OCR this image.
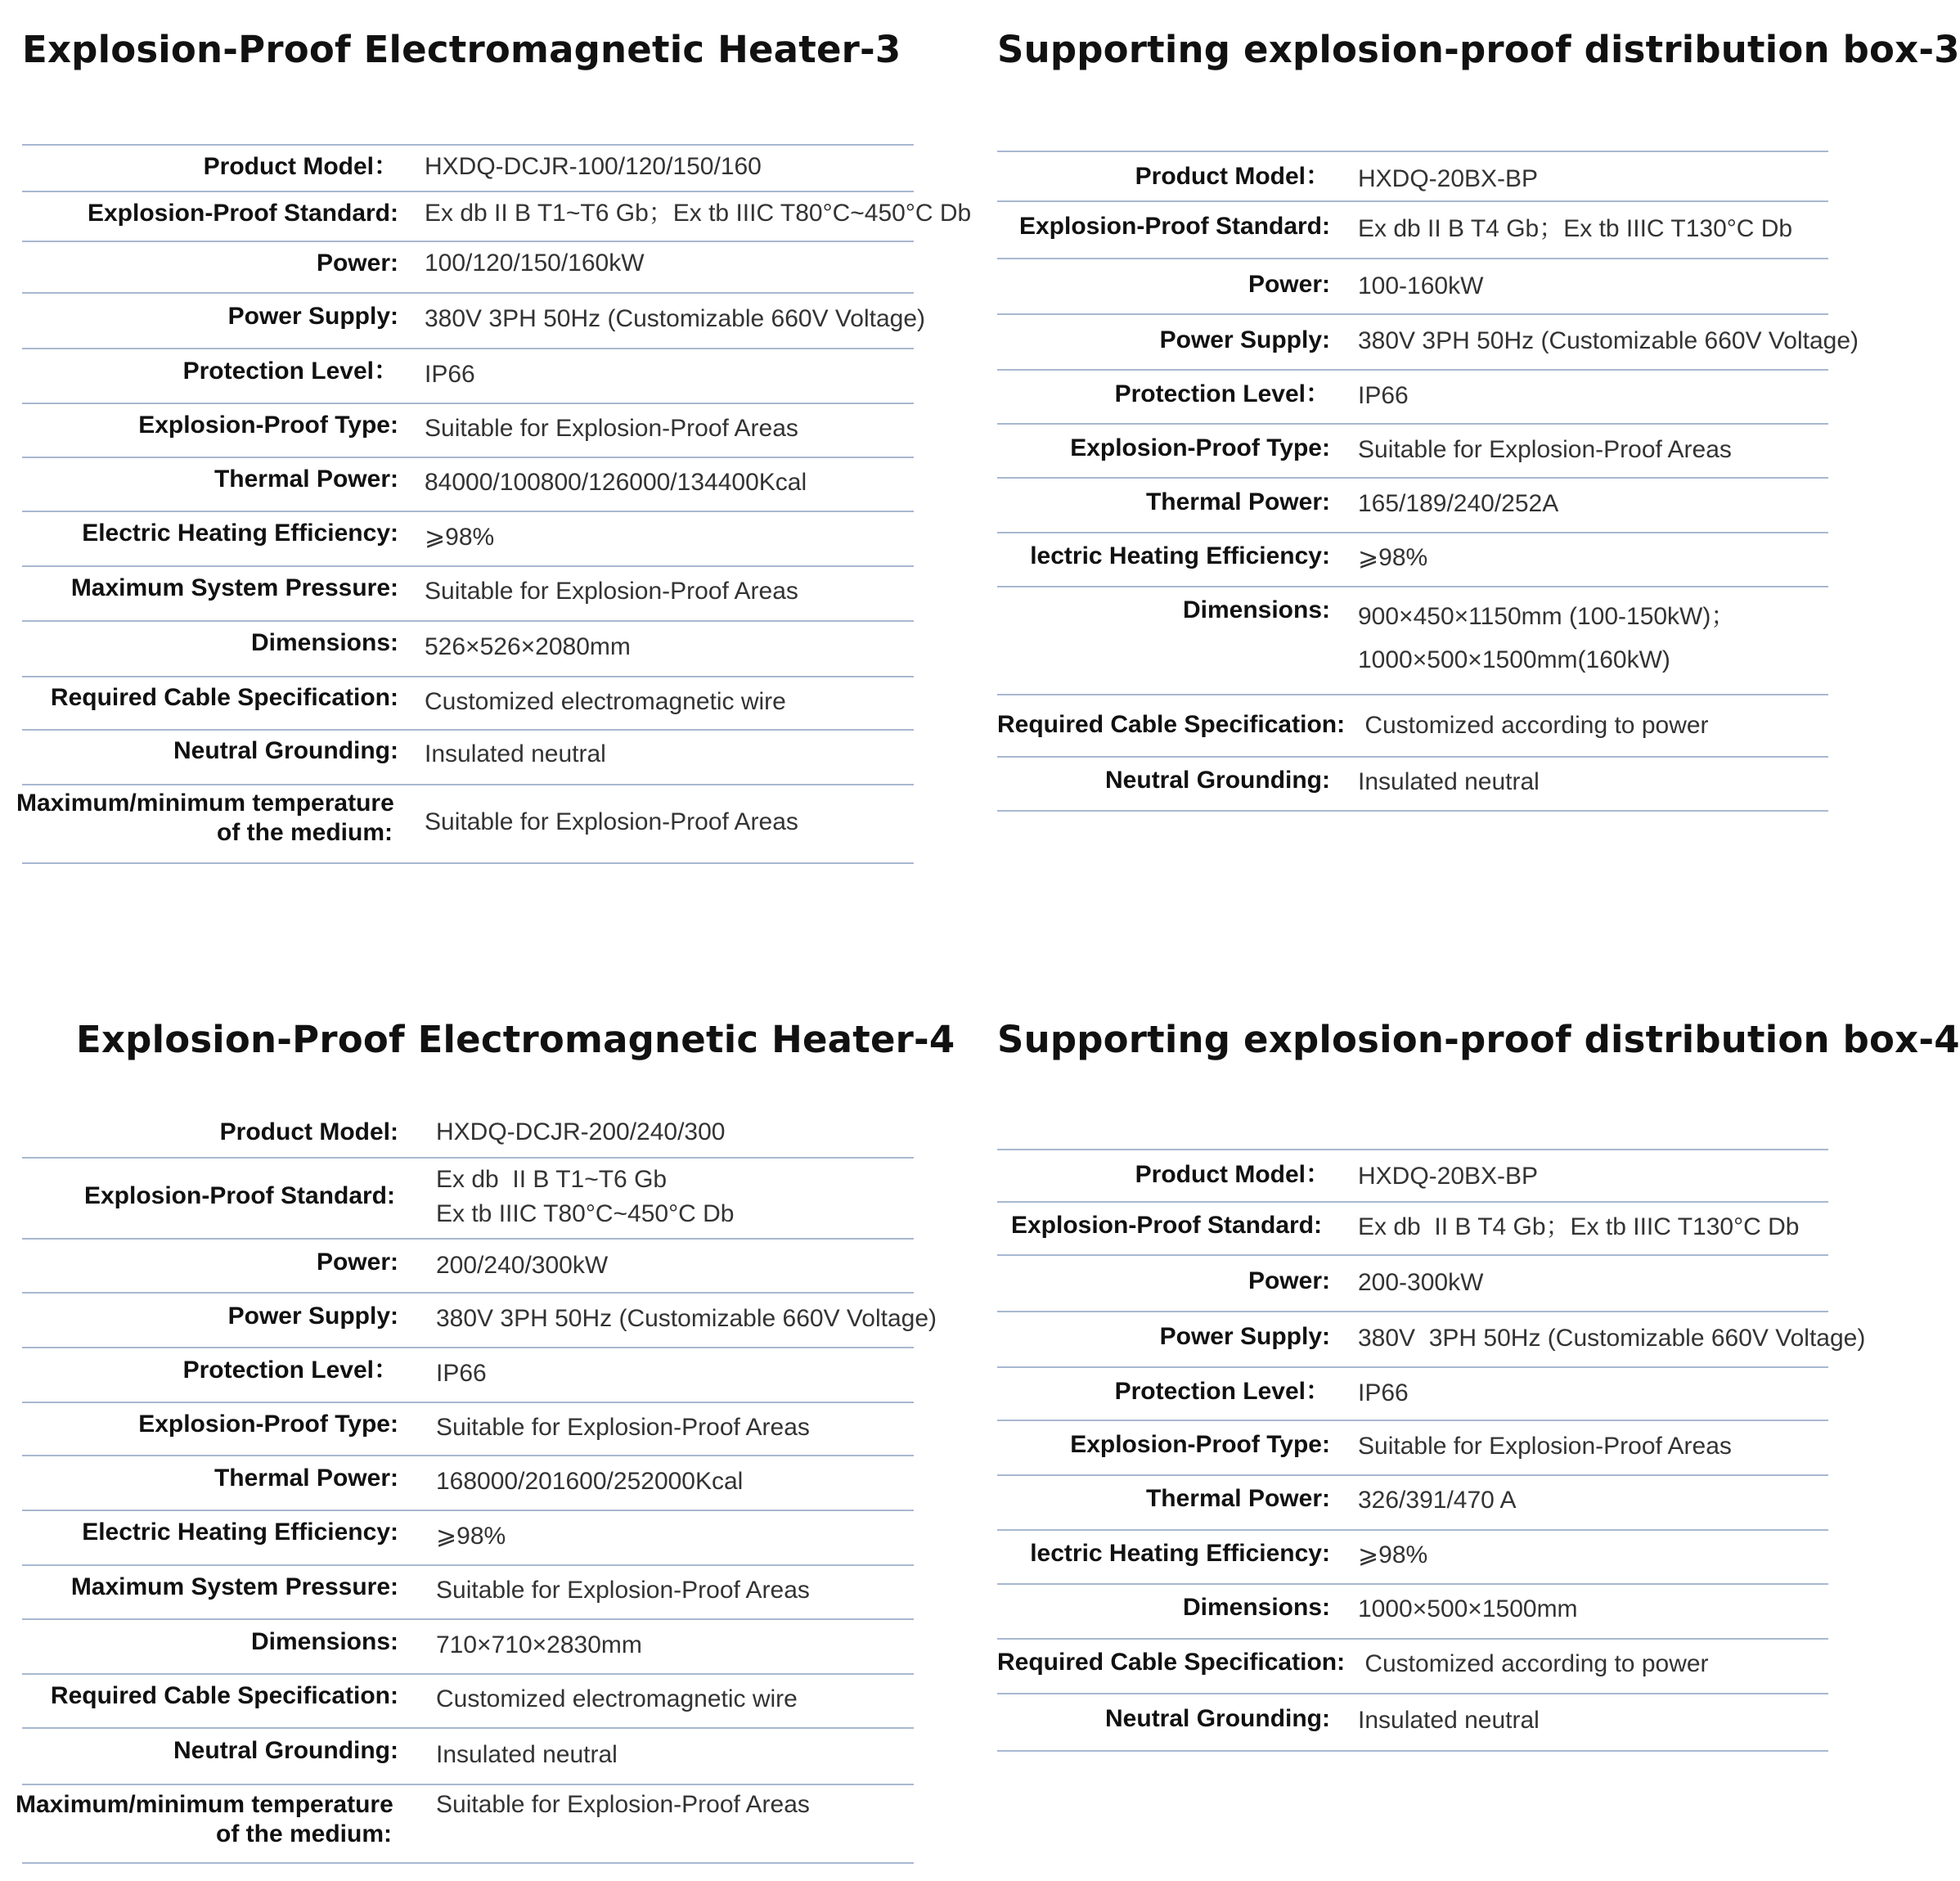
Explosion-Proof Electromagnetic Heater-3
Product Model： HXDQ-DCJR-100/120/150/160
Explosion-Proof Standard: Ex db II B T1~T6 Gb；Ex tb IIIC T80°C~450°C Db
Power: 100/120/150/160kW
Power Supply: 380V 3PH 50Hz (Customizable 660V Voltage)
Protection Level： IP66
Explosion-Proof Type: Suitable for Explosion-Proof Areas
Thermal Power: 84000/100800/126000/134400Kcal
Electric Heating Efficiency: ⩾98%
Maximum System Pressure: Suitable for Explosion-Proof Areas
Dimensions: 526×526×2080mm
Required Cable Specification: Customized electromagnetic wire
Neutral Grounding: Insulated neutral
Maximum/minimum temperature
of the medium: Suitable for Explosion-Proof Areas
Supporting explosion-proof distribution box-3
Product Model： HXDQ-20BX-BP
Explosion-Proof Standard: Ex db II B T4 Gb；Ex tb IIIC T130°C Db
Power: 100-160kW
Power Supply: 380V 3PH 50Hz (Customizable 660V Voltage)
Protection Level： IP66
Explosion-Proof Type: Suitable for Explosion-Proof Areas
Thermal Power: 165/189/240/252A
lectric Heating Efficiency: ⩾98%
Dimensions: 900×450×1150mm (100-150kW)；
1000×500×1500mm(160kW)
Required Cable Specification: Customized according to power
Neutral Grounding: Insulated neutral
Explosion-Proof Electromagnetic Heater-4
Product Model: HXDQ-DCJR-200/240/300
Explosion-Proof Standard:
Ex db  II B T1~T6 Gb
Ex tb IIIC T80°C~450°C Db
Power: 200/240/300kW
Power Supply: 380V 3PH 50Hz (Customizable 660V Voltage)
Protection Level： IP66
Explosion-Proof Type: Suitable for Explosion-Proof Areas
Thermal Power: 168000/201600/252000Kcal
Electric Heating Efficiency: ⩾98%
Maximum System Pressure: Suitable for Explosion-Proof Areas
Dimensions: 710×710×2830mm
Required Cable Specification: Customized electromagnetic wire
Neutral Grounding: Insulated neutral
Maximum/minimum temperature
of the medium:
Suitable for Explosion-Proof Areas
Supporting explosion-proof distribution box-4
Product Model： HXDQ-20BX-BP
Explosion-Proof Standard: Ex db  II B T4 Gb；Ex tb IIIC T130°C Db
Power: 200-300kW
Power Supply: 380V  3PH 50Hz (Customizable 660V Voltage)
Protection Level： IP66
Explosion-Proof Type: Suitable for Explosion-Proof Areas
Thermal Power: 326/391/470 A
lectric Heating Efficiency: ⩾98%
Dimensions: 1000×500×1500mm
Required Cable Specification: Customized according to power
Neutral Grounding: Insulated neutral
